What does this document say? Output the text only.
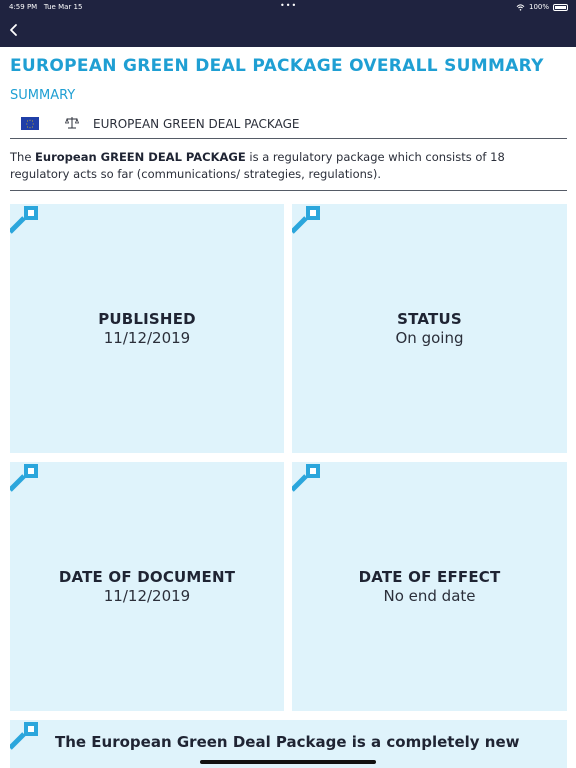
4:59 PM Tue Mar 15	•••	100%
EUROPEAN GREEN DEAL PACKAGE OVERALL SUMMARY
SUMMARY
EUROPEAN GREEN DEAL PACKAGE

The European GREEN DEAL PACKAGE is a regulatory package which consists of 18 regulatory acts so far (communications/ strategies, regulations).

PUBLISHED
11/12/2019
STATUS
On going
DATE OF DOCUMENT
11/12/2019
DATE OF EFFECT
No end date
The European Green Deal Package is a completely new
